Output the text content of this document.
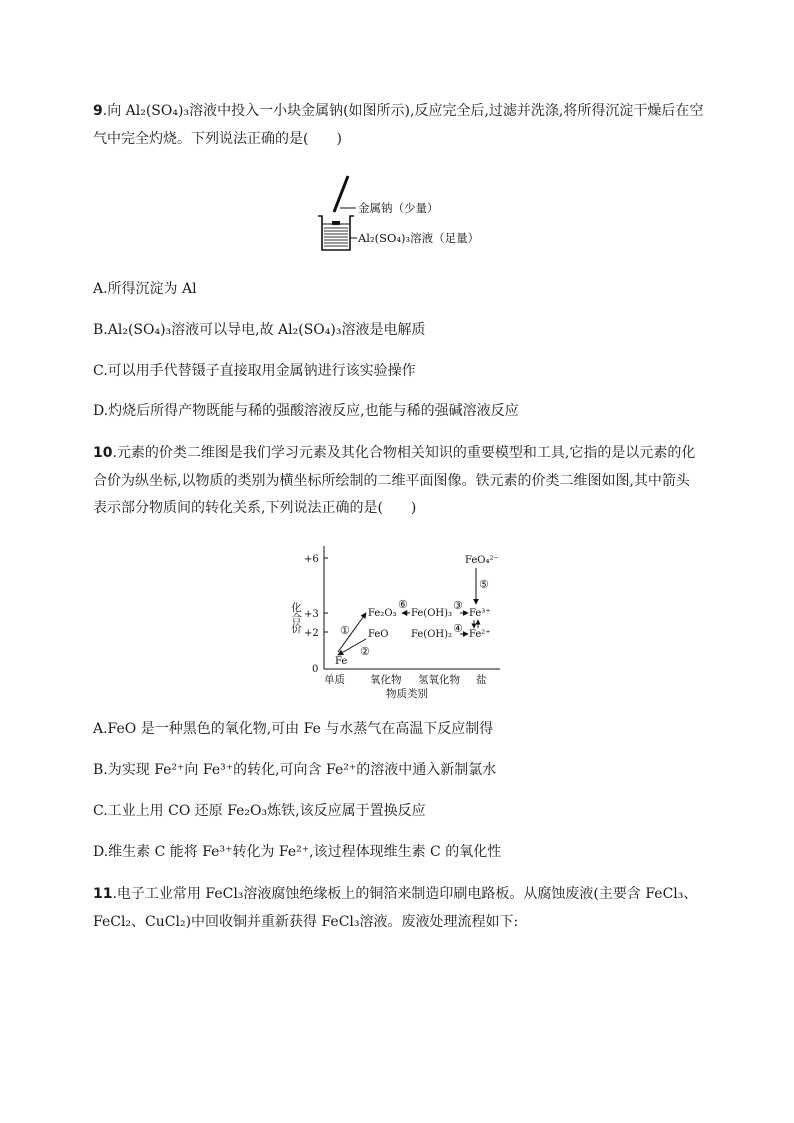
9.向 Al₂(SO₄)₃溶液中投入一小块金属钠(如图所示),反应完全后,过滤并洗涤,将所得沉淀干燥后在空
气中完全灼烧。下列说法正确的是(　　)
金属钠（少量）
Al₂(SO₄)₃溶液（足量）
A.所得沉淀为 Al
B.Al₂(SO₄)₃溶液可以导电,故 Al₂(SO₄)₃溶液是电解质
C.可以用手代替镊子直接取用金属钠进行该实验操作
D.灼烧后所得产物既能与稀的强酸溶液反应,也能与稀的强碱溶液反应
10.元素的价类二维图是我们学习元素及其化合物相关知识的重要模型和工具,它指的是以元素的化
合价为纵坐标,以物质的类别为横坐标所绘制的二维平面图像。铁元素的价类二维图如图,其中箭头
表示部分物质间的转化关系,下列说法正确的是(　　)
+6
+3
+2
0
化合价
单质 氧化物 氢氧化物 盐
物质类别
Fe
FeO
Fe₂O₃ Fe(OH)₃
Fe(OH)₂
Fe³⁺
Fe²⁺
FeO₄²⁻
①
②
③
④
⑤
⑥
A.FeO 是一种黑色的氧化物,可由 Fe 与水蒸气在高温下反应制得
B.为实现 Fe²⁺向 Fe³⁺的转化,可向含 Fe²⁺的溶液中通入新制氯水
C.工业上用 CO 还原 Fe₂O₃炼铁,该反应属于置换反应
D.维生素 C 能将 Fe³⁺转化为 Fe²⁺,该过程体现维生素 C 的氧化性
11.电子工业常用 FeCl₃溶液腐蚀绝缘板上的铜箔来制造印刷电路板。从腐蚀废液(主要含 FeCl₃、
FeCl₂、CuCl₂)中回收铜并重新获得 FeCl₃溶液。废液处理流程如下:
